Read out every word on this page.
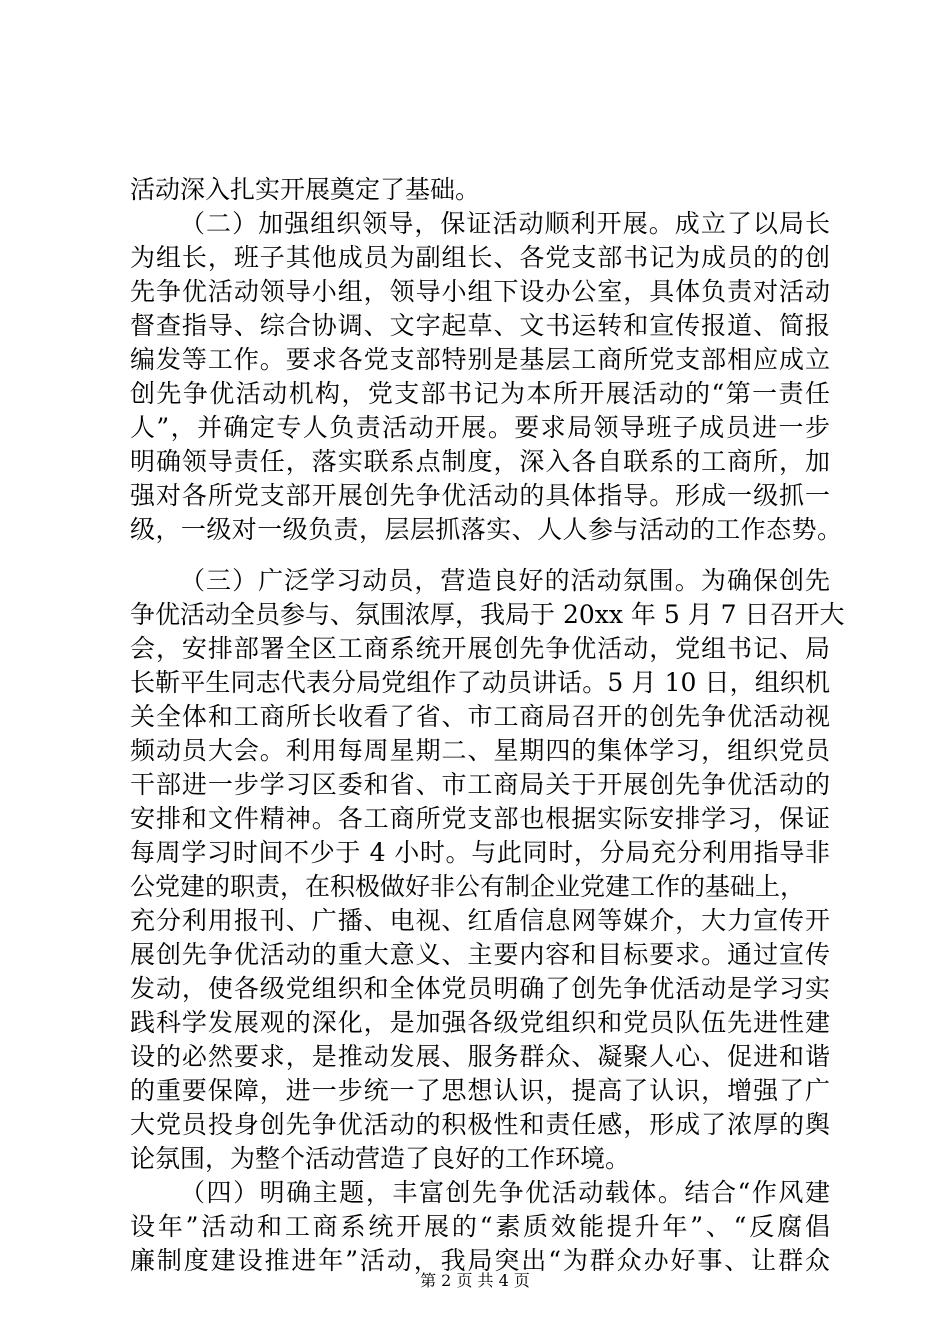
活动深入扎实开展奠定了基础。
（二）加强组织领导，保证活动顺利开展。成立了以局长
为组长，班子其他成员为副组长、各党支部书记为成员的的创
先争优活动领导小组，领导小组下设办公室，具体负责对活动
督查指导、综合协调、文字起草、文书运转和宣传报道、简报
编发等工作。要求各党支部特别是基层工商所党支部相应成立
创先争优活动机构，党支部书记为本所开展活动的“第一责任
人”，并确定专人负责活动开展。要求局领导班子成员进一步
明确领导责任，落实联系点制度，深入各自联系的工商所，加
强对各所党支部开展创先争优活动的具体指导。形成一级抓一
级，一级对一级负责，层层抓落实、人人参与活动的工作态势。
（三）广泛学习动员，营造良好的活动氛围。为确保创先
争优活动全员参与、氛围浓厚，我局于 20xx 年 5 月 7 日召开大
会，安排部署全区工商系统开展创先争优活动，党组书记、局
长靳平生同志代表分局党组作了动员讲话。5 月 10 日，组织机
关全体和工商所长收看了省、市工商局召开的创先争优活动视
频动员大会。利用每周星期二、星期四的集体学习，组织党员
干部进一步学习区委和省、市工商局关于开展创先争优活动的
安排和文件精神。各工商所党支部也根据实际安排学习，保证
每周学习时间不少于 4 小时。与此同时，分局充分利用指导非
公党建的职责，在积极做好非公有制企业党建工作的基础上，
充分利用报刊、广播、电视、红盾信息网等媒介，大力宣传开
展创先争优活动的重大意义、主要内容和目标要求。通过宣传
发动，使各级党组织和全体党员明确了创先争优活动是学习实
践科学发展观的深化，是加强各级党组织和党员队伍先进性建
设的必然要求，是推动发展、服务群众、凝聚人心、促进和谐
的重要保障，进一步统一了思想认识，提高了认识，增强了广
大党员投身创先争优活动的积极性和责任感，形成了浓厚的舆
论氛围，为整个活动营造了良好的工作环境。
（四）明确主题，丰富创先争优活动载体。结合“作风建
设年”活动和工商系统开展的“素质效能提升年”、“反腐倡
廉制度建设推进年”活动，我局突出“为群众办好事、让群众
第 2 页 共 4 页
